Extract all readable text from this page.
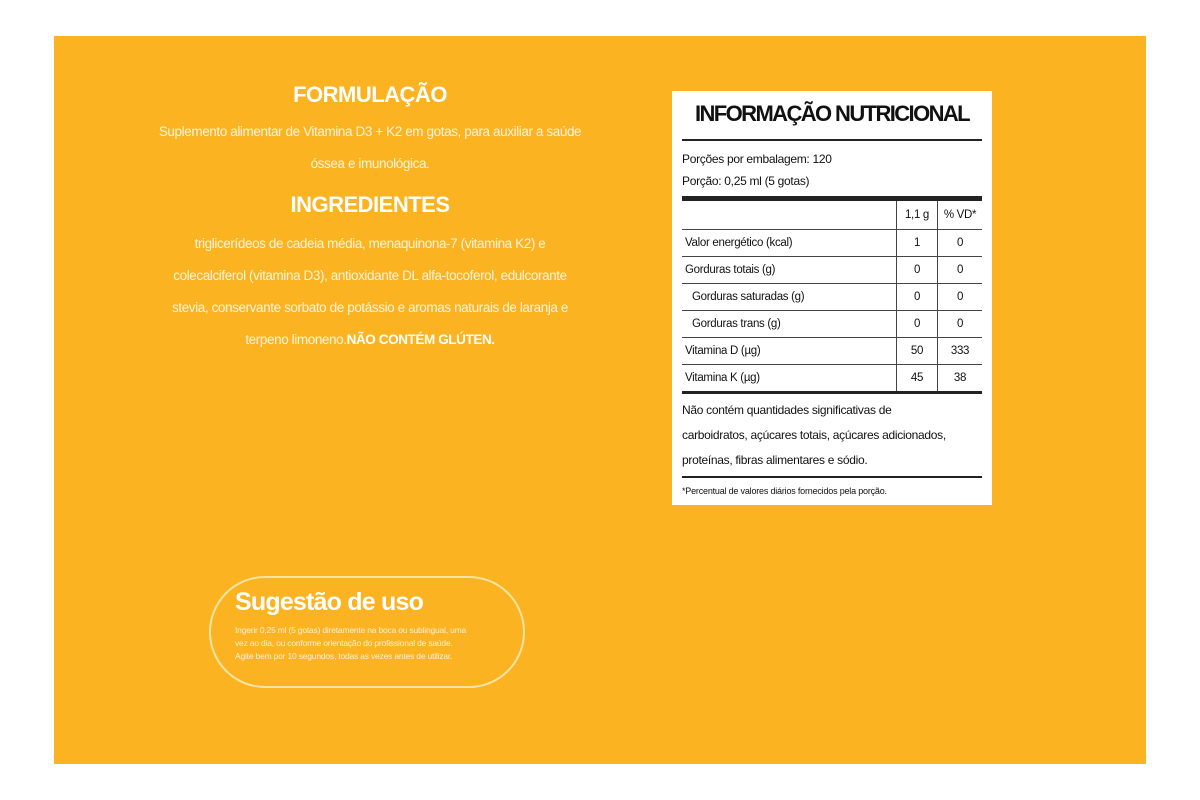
FORMULAÇÃO

Suplemento alimentar de Vitamina D3 + K2 em gotas, para auxiliar a saúde
óssea e imunológica.

INGREDIENTES

triglicerídeos de cadeia média, menaquinona-7 (vitamina K2) e
colecalciferol (vitamina D3), antioxidante DL alfa-tocoferol, edulcorante
stevia, conservante sorbato de potássio e aromas naturais de laranja e
terpeno limoneno.NÃO CONTÉM GLÚTEN.

Sugestão de uso
Ingerir 0,25 ml (5 gotas) diretamente na boca ou sublingual, uma
vez ao dia, ou conforme orientação do profissional de saúde.
Agite bem por 10 segundos, todas as vezes antes de utilizar.
INFORMAÇÃO NUTRICIONAL
Porções por embalagem: 120
Porção: 0,25 ml (5 gotas)
	1,1 g	% VD*
Valor energético (kcal)	1	0
Gorduras totais (g)	0	0
Gorduras saturadas (g)	0	0
Gorduras trans (g)	0	0
Vitamina D (µg)	50	333
Vitamina K (µg)	45	38
Não contém quantidades significativas de
carboidratos, açúcares totais, açúcares adicionados,
proteínas, fibras alimentares e sódio.
*Percentual de valores diários fornecidos pela porção.
